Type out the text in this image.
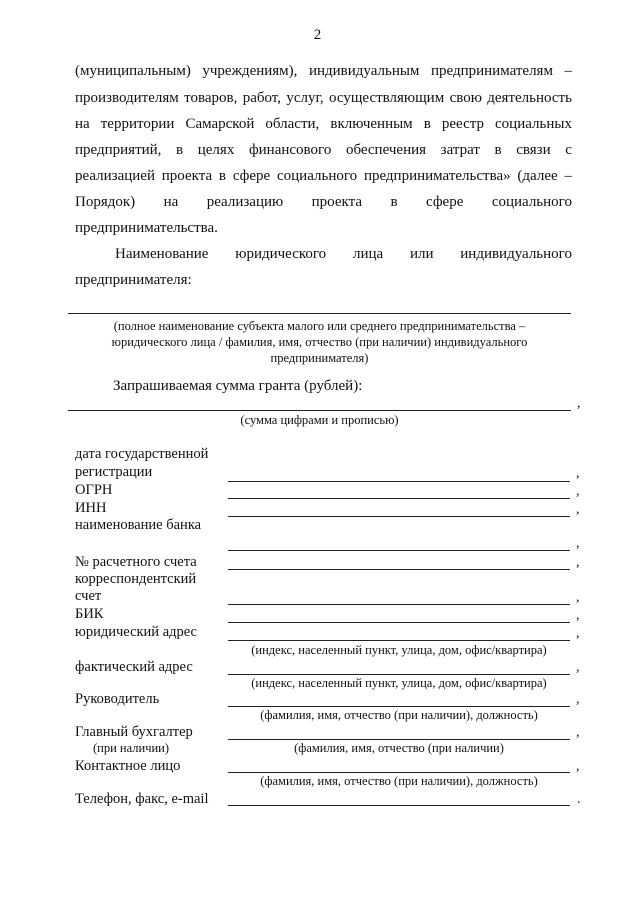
2
(муниципальным) учреждениям), индивидуальным предпринимателям –
производителям товаров, работ, услуг, осуществляющим свою деятельность
на территории Самарской области, включенным в реестр социальных
предприятий, в целях финансового обеспечения затрат в связи с
реализацией проекта в сфере социального предпринимательства» (далее –
Порядок) на реализацию проекта в сфере социального
предпринимательства.
Наименование юридического лица или индивидуального
предпринимателя:
(полное наименование субъекта малого или среднего предпринимательства –
юридического лица / фамилия, имя, отчество (при наличии) индивидуального
предпринимателя)
Запрашиваемая сумма гранта (рублей):
,
(сумма цифрами и прописью)
дата государственной
регистрации	,
ОГРН	,
ИНН	,
наименование банка
,
№ расчетного счета	,
корреспондентский
счет	,
БИК	,
юридический адрес	,
(индекс, населенный пункт, улица, дом, офис/квартира)
фактический адрес	,
(индекс, населенный пункт, улица, дом, офис/квартира)
Руководитель	,
(фамилия, имя, отчество (при наличии), должность)
Главный бухгалтер	,
(при наличии)	(фамилия, имя, отчество (при наличии)
Контактное лицо	,
(фамилия, имя, отчество (при наличии), должность)
Телефон, факс, e-mail	.
